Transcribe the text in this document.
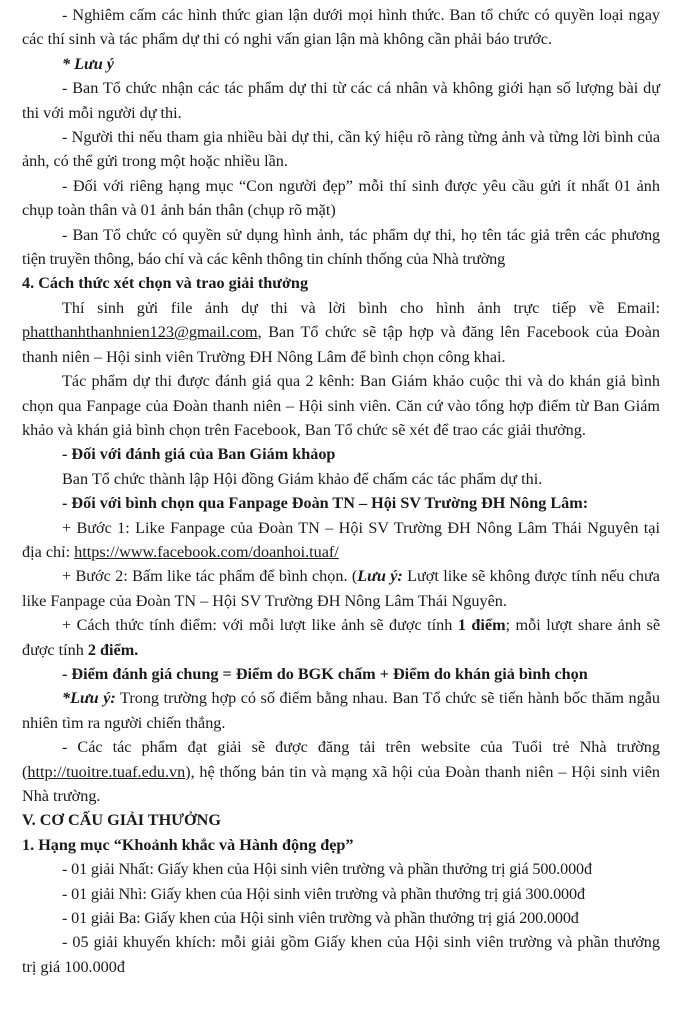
- Nghiêm cấm các hình thức gian lận dưới mọi hình thức. Ban tổ chức có quyền loại ngay các thí sinh và tác phẩm dự thi có nghi vấn gian lận mà không cần phải báo trước.

* Lưu ý

- Ban Tổ chức nhận các tác phẩm dự thi từ các cá nhân và không giới hạn số lượng bài dự thi với mỗi người dự thi.

- Người thi nếu tham gia nhiều bài dự thi, cần ký hiệu rõ ràng từng ảnh và từng lời bình của ảnh, có thể gửi trong một hoặc nhiều lần.

- Đối với riêng hạng mục “Con người đẹp” mỗi thí sinh được yêu cầu gửi ít nhất 01 ảnh chụp toàn thân và 01 ảnh bán thân (chụp rõ mặt)

- Ban Tổ chức có quyền sử dụng hình ảnh, tác phẩm dự thi, họ tên tác giả trên các phương tiện truyền thông, báo chí và các kênh thông tin chính thống của Nhà trường

4. Cách thức xét chọn và trao giải thưởng

Thí sinh gửi file ảnh dự thi và lời bình cho hình ảnh trực tiếp về Email: phatthanhthanhnien123@gmail.com, Ban Tổ chức sẽ tập hợp và đăng lên Facebook của Đoàn thanh niên – Hội sinh viên Trường ĐH Nông Lâm để bình chọn công khai.

Tác phẩm dự thi được đánh giá qua 2 kênh: Ban Giám khảo cuộc thi và do khán giả bình chọn qua Fanpage của Đoàn thanh niên – Hội sinh viên. Căn cứ vào tổng hợp điểm từ Ban Giám khảo và khán giả bình chọn trên Facebook, Ban Tổ chức sẽ xét để trao các giải thưởng.

- Đối với đánh giá của Ban Giám khảop

Ban Tổ chức thành lập Hội đồng Giám khảo để chấm các tác phẩm dự thi.

- Đối với bình chọn qua Fanpage Đoàn TN – Hội SV Trường ĐH Nông Lâm:

+ Bước 1: Like Fanpage của Đoàn TN – Hội SV Trường ĐH Nông Lâm Thái Nguyên tại địa chỉ: https://www.facebook.com/doanhoi.tuaf/

+ Bước 2: Bấm like tác phẩm để bình chọn. (Lưu ý: Lượt like sẽ không được tính nếu chưa like Fanpage của Đoàn TN – Hội SV Trường ĐH Nông Lâm Thái Nguyên.

+ Cách thức tính điểm: với mỗi lượt like ảnh sẽ được tính 1 điểm; mỗi lượt share ảnh sẽ được tính 2 điểm.

- Điểm đánh giá chung = Điểm do BGK chấm + Điểm do khán giả bình chọn

*Lưu ý: Trong trường hợp có số điểm bằng nhau. Ban Tổ chức sẽ tiến hành bốc thăm ngẫu nhiên tìm ra người chiến thắng.

- Các tác phẩm đạt giải sẽ được đăng tải trên website của Tuổi trẻ Nhà trường (http://tuoitre.tuaf.edu.vn), hệ thống bản tin và mạng xã hội của Đoàn thanh niên – Hội sinh viên Nhà trường.

V. CƠ CẤU GIẢI THƯỞNG

1. Hạng mục “Khoảnh khắc và Hành động đẹp”

- 01 giải Nhất: Giấy khen của Hội sinh viên trường và phần thưởng trị giá 500.000đ

- 01 giải Nhì: Giấy khen của Hội sinh viên trường và phần thưởng trị giá 300.000đ

- 01 giải Ba: Giấy khen của Hội sinh viên trường và phần thưởng trị giá 200.000đ

- 05 giải khuyến khích: mỗi giải gồm Giấy khen của Hội sinh viên trường và phần thưởng trị giá 100.000đ
